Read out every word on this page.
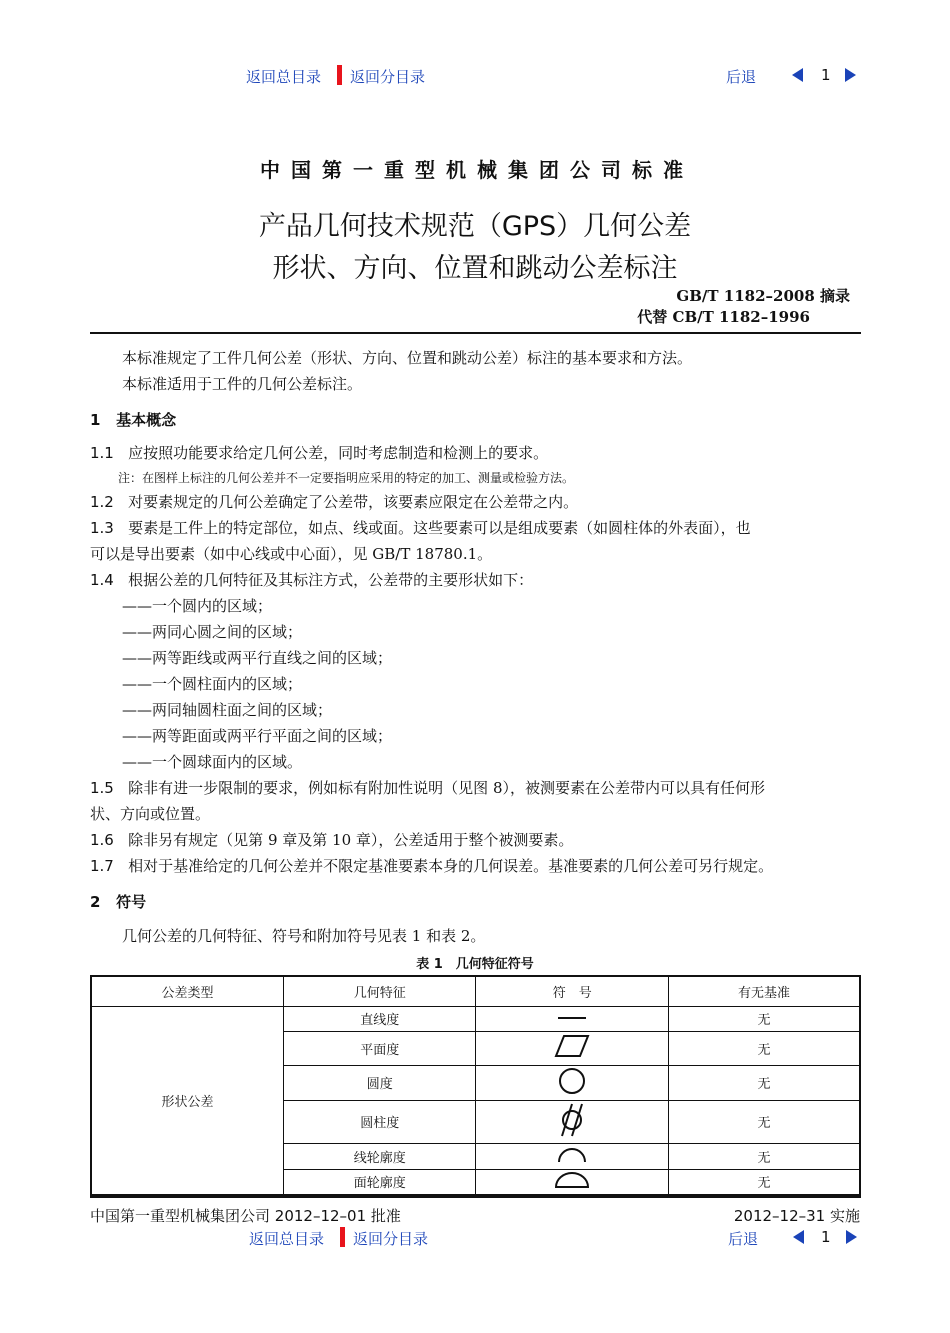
返回总目录 返回分目录	后退	1
中国第一重型机械集团公司标准
产品几何技术规范（GPS）几何公差
形状、方向、位置和跳动公差标注
GB/T 1182–2008 摘录
代替 CB/T 1182–1996
本标准规定了工件几何公差（形状、方向、位置和跳动公差）标注的基本要求和方法。
本标准适用于工件的几何公差标注。
1 基本概念
1.1 应按照功能要求给定几何公差，同时考虑制造和检测上的要求。
注：在图样上标注的几何公差并不一定要指明应采用的特定的加工、测量或检验方法。
1.2 对要素规定的几何公差确定了公差带，该要素应限定在公差带之内。
1.3 要素是工件上的特定部位，如点、线或面。这些要素可以是组成要素（如圆柱体的外表面），也
可以是导出要素（如中心线或中心面），见 GB/T 18780.1。
1.4 根据公差的几何特征及其标注方式，公差带的主要形状如下：
——一个圆内的区域；
——两同心圆之间的区域；
——两等距线或两平行直线之间的区域；
——一个圆柱面内的区域；
——两同轴圆柱面之间的区域；
——两等距面或两平行平面之间的区域；
——一个圆球面内的区域。
1.5 除非有进一步限制的要求，例如标有附加性说明（见图 8），被测要素在公差带内可以具有任何形
状、方向或位置。
1.6 除非另有规定（见第 9 章及第 10 章），公差适用于整个被测要素。
1.7 相对于基准给定的几何公差并不限定基准要素本身的几何误差。基准要素的几何公差可另行规定。
2 符号
几何公差的几何特征、符号和附加符号见表 1 和表 2。
表 1　几何特征符号
公差类型	几何特征	符　号	有无基准
形状公差	直线度		无
	平面度		无
	圆度		无
	圆柱度		无
	线轮廓度		无
	面轮廓度		无
中国第一重型机械集团公司 2012–12–01 批准	2012–12–31 实施
返回总目录 返回分目录	后退	1
